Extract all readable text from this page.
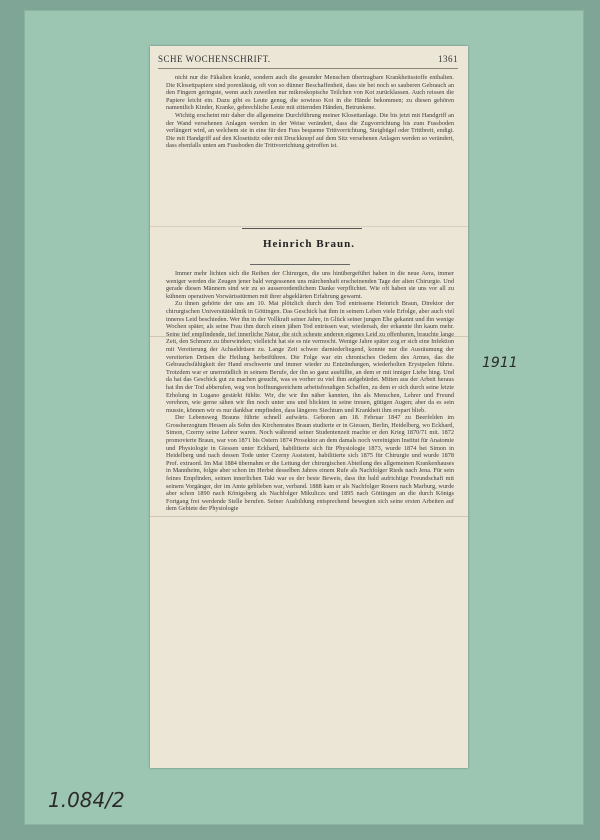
SCHE WOCHENSCHRIFT.	1361

nicht nur die Fäkalien krankt, sondern auch die gesunder Menschen übertragbare Krankheitsstoffe enthalten. Die Klosettpapiere sind porenlässig, oft von so dünner Beschaffenheit, dass sie bei noch so sauberen Gebrauch an den Fingern geringste, wenn auch zuweilen nur mikroskopische Teilchen von Kot zurücklassen. Auch reissen die Papiere leicht ein. Dazu gibt es Leute genug, die sowieso Kot in die Hände bekommen; zu diesen gehören namentlich Kinder, Kranke, gebrechliche Leute mit zitternden Händen, Betrunkene.

Wichtig erscheint mir daher die allgemeine Durchführung meiner Klosettanlage. Die bis jetzt mit Handgriff an der Wand versehenen Anlagen werden in der Weise verändert, dass die Zugvorrichtung bis zum Fussboden verlängert wird, an welchem sie in eine für den Fuss bequeme Trittvorrichtung, Steigbügel oder Trittbrett, endigt. Die mit Handgriff auf den Klosettsitz oder mit Druckknopf auf dem Sitz versehenen Anlagen werden so verändert, dass ebenfalls unten am Fussboden die Trittvorrichtung getroffen ist.

Heinrich Braun.

Immer mehr lichten sich die Reihen der Chirurgen, die uns hinübergeführt haben in die neue Aera, immer weniger werden die Zeugen jener bald vergessenen uns märchenhaft erscheinenden Tage der alten Chirurgie. Und gerade diesen Männern sind wir zu so ausserordentlichem Danke verpflichtet. Wie oft haben sie uns vor all zu kühnem operativen Vorwärtsstürmen mit ihrer abgeklärten Erfahrung gewarnt.

Zu ihnen gehörte der uns am 10. Mai plötzlich durch den Tod entrissene Heinrich Braun, Direktor der chirurgischen Universitätsklinik in Göttingen. Das Geschick hat ihm in seinem Leben viele Erfolge, aber auch viel inneres Leid beschieden. Wer ihn in der Vollkraft seiner Jahre, in Glück seiner jungen Ehe gekannt und ihn wenige Wochen später, als seine Frau ihm durch einen jähen Tod entrissen war, wiedersah, der erkannte ihn kaum mehr. Seine tief empfindende, tief innerliche Natur, die sich scheute anderen eigenes Leid zu offenbaren, brauchte lange Zeit, den Schmerz zu überwinden; vielleicht hat sie es nie vermocht. Wenige Jahre später zog er sich eine Infektion mit Vereiterung der Achseldrüsen zu. Lange Zeit schwer darniederliegend, konnte nur die Ausräumung der vereiterten Drüsen die Heilung herbeiführen. Die Folge war ein chronisches Oedem des Armes, das die Gebrauchsfähigkeit der Hand erschwerte und immer wieder zu Entzündungen, wiederholten Erysipelen führte. Trotzdem war er unermüdlich in seinem Berufe, der ihn so ganz ausfüllte, an dem er mit inniger Liebe hing. Und da hat das Geschick gut zu machen gesucht, was es vorher zu viel ihm aufgebürdet. Mitten aus der Arbeit heraus hat ihn der Tod abberufen, weg von hoffnungsreichem arbeitsfreudigen Schaffen, zu dem er sich durch seine letzte Erholung in Lugano gestärkt fühlte. Wir, die wir ihn näher kannten, ihn als Menschen, Lehrer und Freund verehren, wie gerne sähen wir ihn noch unter uns und blickten in seine treuen, gütigen Augen; aber da es sein musste, können wir es nur dankbar empfinden, dass längeres Siechtum und Krankheit ihm erspart blieb.

Der Lebensweg Brauns führte schnell aufwärts. Geboren am 18. Februar 1847 zu Beerfelden im Grossherzogtum Hessen als Sohn des Kirchenrates Braun studierte er in Giessen, Berlin, Heidelberg, wo Eckhard, Simon, Czerny seine Lehrer waren. Noch während seiner Studentenzeit machte er den Krieg 1870/71 mit. 1872 promovierte Braun, war von 1871 bis Ostern 1874 Prosektor an dem damals noch vereinigten Institut für Anatomie und Physiologie in Giessen unter Eckhard, habilitierte sich für Physiologie 1873, wurde 1874 bei Simon in Heidelberg und nach dessen Tode unter Czerny Assistent, habilitierte sich 1875 für Chirurgie und wurde 1878 Prof. extraord. Im Mai 1884 übernahm er die Leitung der chirurgischen Abteilung des allgemeinen Krankenhauses in Mannheim, folgte aber schon im Herbst desselben Jahres einem Rufe als Nachfolger Rieds nach Jena. Für sein feines Empfinden, seinen innerlichen Takt war es der beste Beweis, dass ihn bald aufrichtige Freundschaft mit seinem Vorgänger, der im Amte geblieben war, verband. 1888 kam er als Nachfolger Rosers nach Marburg, wurde aber schon 1890 nach Königsberg als Nachfolger Mikuliczs und 1895 nach Göttingen an die durch Königs Fortgang frei werdende Stelle berufen. Seiner Ausbildung entsprechend bewegten sich seine ersten Arbeiten auf dem Gebiete der Physiologie

1911
1.084/2
